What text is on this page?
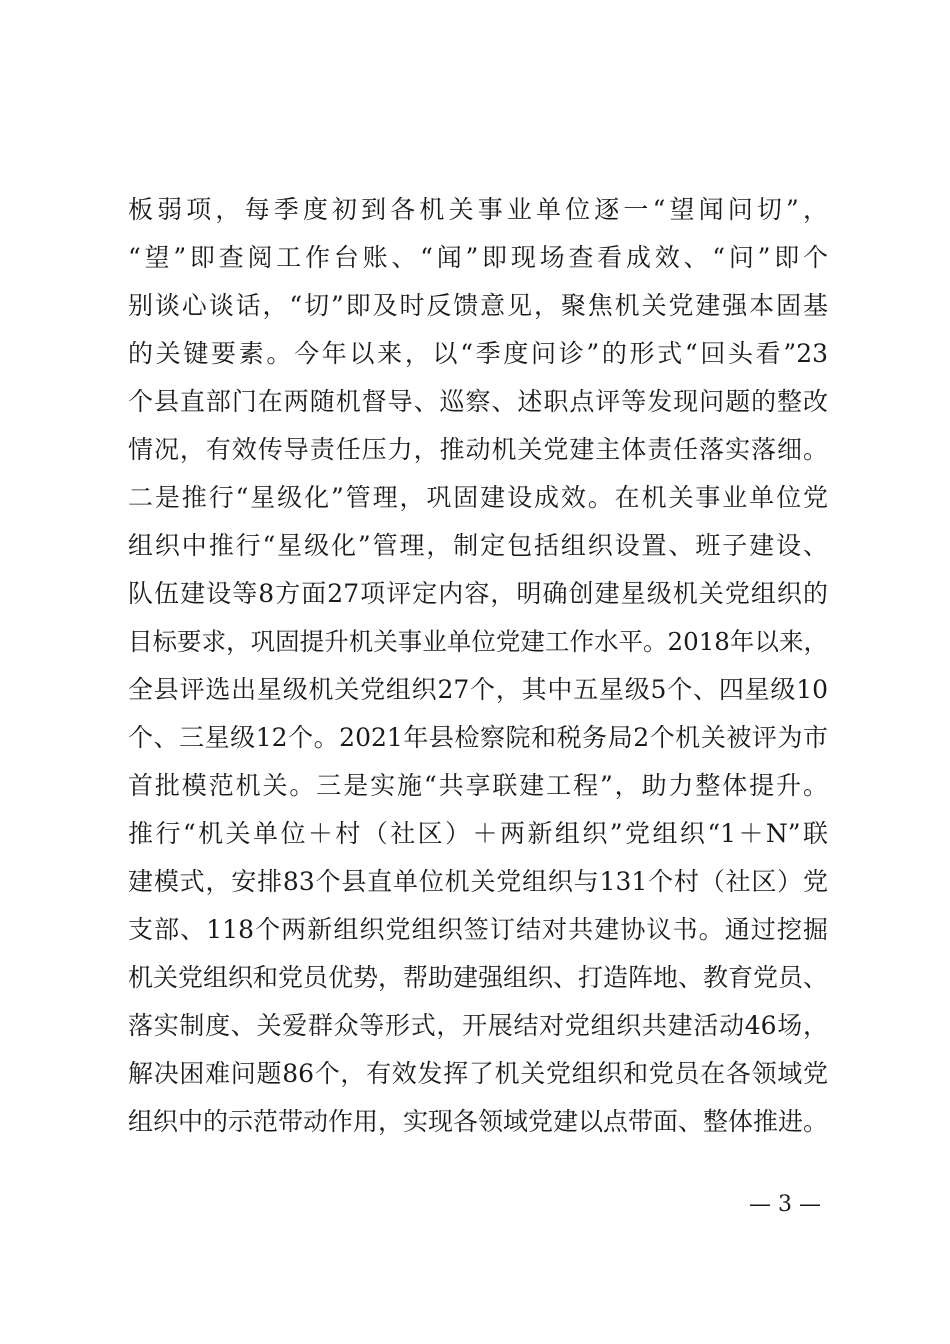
板弱项，每季度初到各机关事业单位逐一“望闻问切”，
“望”即查阅工作台账、“闻”即现场查看成效、“问”即个
别谈心谈话，“切”即及时反馈意见，聚焦机关党建强本固基
的关键要素。今年以来，以“季度问诊”的形式“回头看”23
个县直部门在两随机督导、巡察、述职点评等发现问题的整改
情况，有效传导责任压力，推动机关党建主体责任落实落细。
二是推行“星级化”管理，巩固建设成效。在机关事业单位党
组织中推行“星级化”管理，制定包括组织设置、班子建设、
队伍建设等8方面27项评定内容，明确创建星级机关党组织的
目标要求，巩固提升机关事业单位党建工作水平。2018年以来，
全县评选出星级机关党组织27个，其中五星级5个、四星级10
个、三星级12个。2021年县检察院和税务局2个机关被评为市
首批模范机关。三是实施“共享联建工程”，助力整体提升。
推行“机关单位＋村（社区）＋两新组织”党组织“1＋N”联
建模式，安排83个县直单位机关党组织与131个村（社区）党
支部、118个两新组织党组织签订结对共建协议书。通过挖掘
机关党组织和党员优势，帮助建强组织、打造阵地、教育党员、
落实制度、关爱群众等形式，开展结对党组织共建活动46场，
解决困难问题86个，有效发挥了机关党组织和党员在各领域党
组织中的示范带动作用，实现各领域党建以点带面、整体推进。
— 3 —
